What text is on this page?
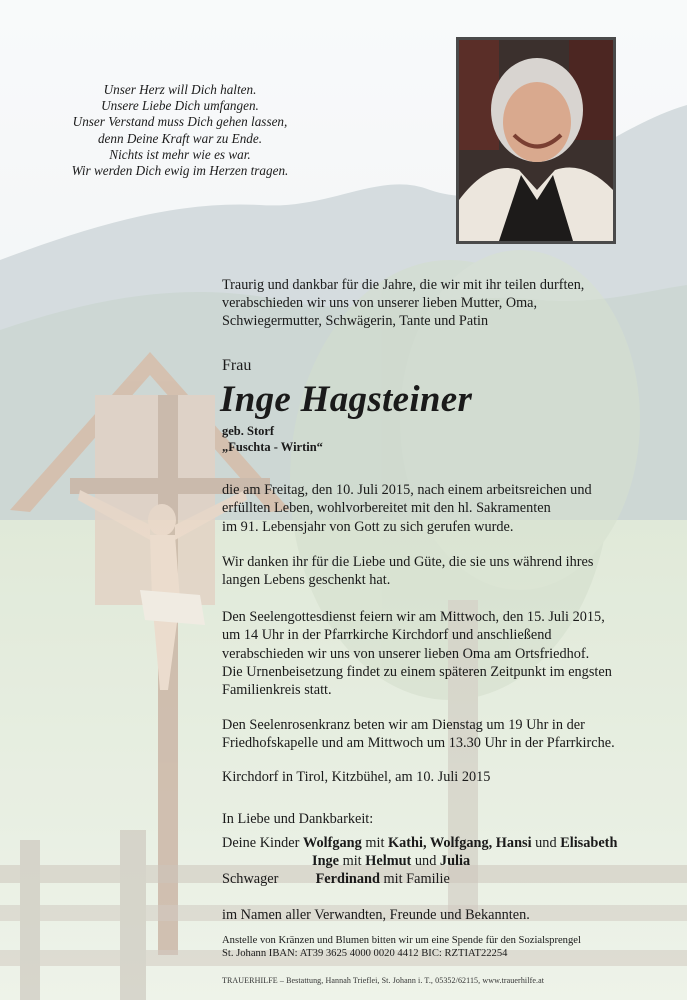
Unser Herz will Dich halten.
Unsere Liebe Dich umfangen.
Unser Verstand muss Dich gehen lassen,
denn Deine Kraft war zu Ende.
Nichts ist mehr wie es war.
Wir werden Dich ewig im Herzen tragen.
Traurig und dankbar für die Jahre, die wir mit ihr teilen durften,
verabschieden wir uns von unserer lieben Mutter, Oma,
Schwiegermutter, Schwägerin, Tante und Patin
Frau
Inge Hagsteiner
geb. Storf
„Fuschta - Wirtin“
die am Freitag, den 10. Juli 2015, nach einem arbeitsreichen und
erfüllten Leben, wohlvorbereitet mit den hl. Sakramenten
im 91. Lebensjahr von Gott zu sich gerufen wurde.
Wir danken ihr für die Liebe und Güte, die sie uns während ihres
langen Lebens geschenkt hat.
Den Seelengottesdienst feiern wir am Mittwoch, den 15. Juli 2015,
um 14 Uhr in der Pfarrkirche Kirchdorf und anschließend
verabschieden wir uns von unserer lieben Oma am Ortsfriedhof.
Die Urnenbeisetzung findet zu einem späteren Zeitpunkt im engsten
Familienkreis statt.
Den Seelenrosenkranz beten wir am Dienstag um 19 Uhr in der
Friedhofskapelle und am Mittwoch um 13.30 Uhr in der Pfarrkirche.
Kirchdorf in Tirol, Kitzbühel, am 10. Juli 2015
In Liebe und Dankbarkeit:
Deine Kinder Wolfgang mit Kathi, Wolfgang, Hansi und Elisabeth
Inge mit Helmut und Julia
Schwager	Ferdinand mit Familie
im Namen aller Verwandten, Freunde und Bekannten.
Anstelle von Kränzen und Blumen bitten wir um eine Spende für den Sozialsprengel
St. Johann IBAN: AT39 3625 4000 0020 4412 BIC: RZTIAT22254
TRAUERHILFE – Bestattung, Hannah Trieflei, St. Johann i. T., 05352/62115, www.trauerhilfe.at
